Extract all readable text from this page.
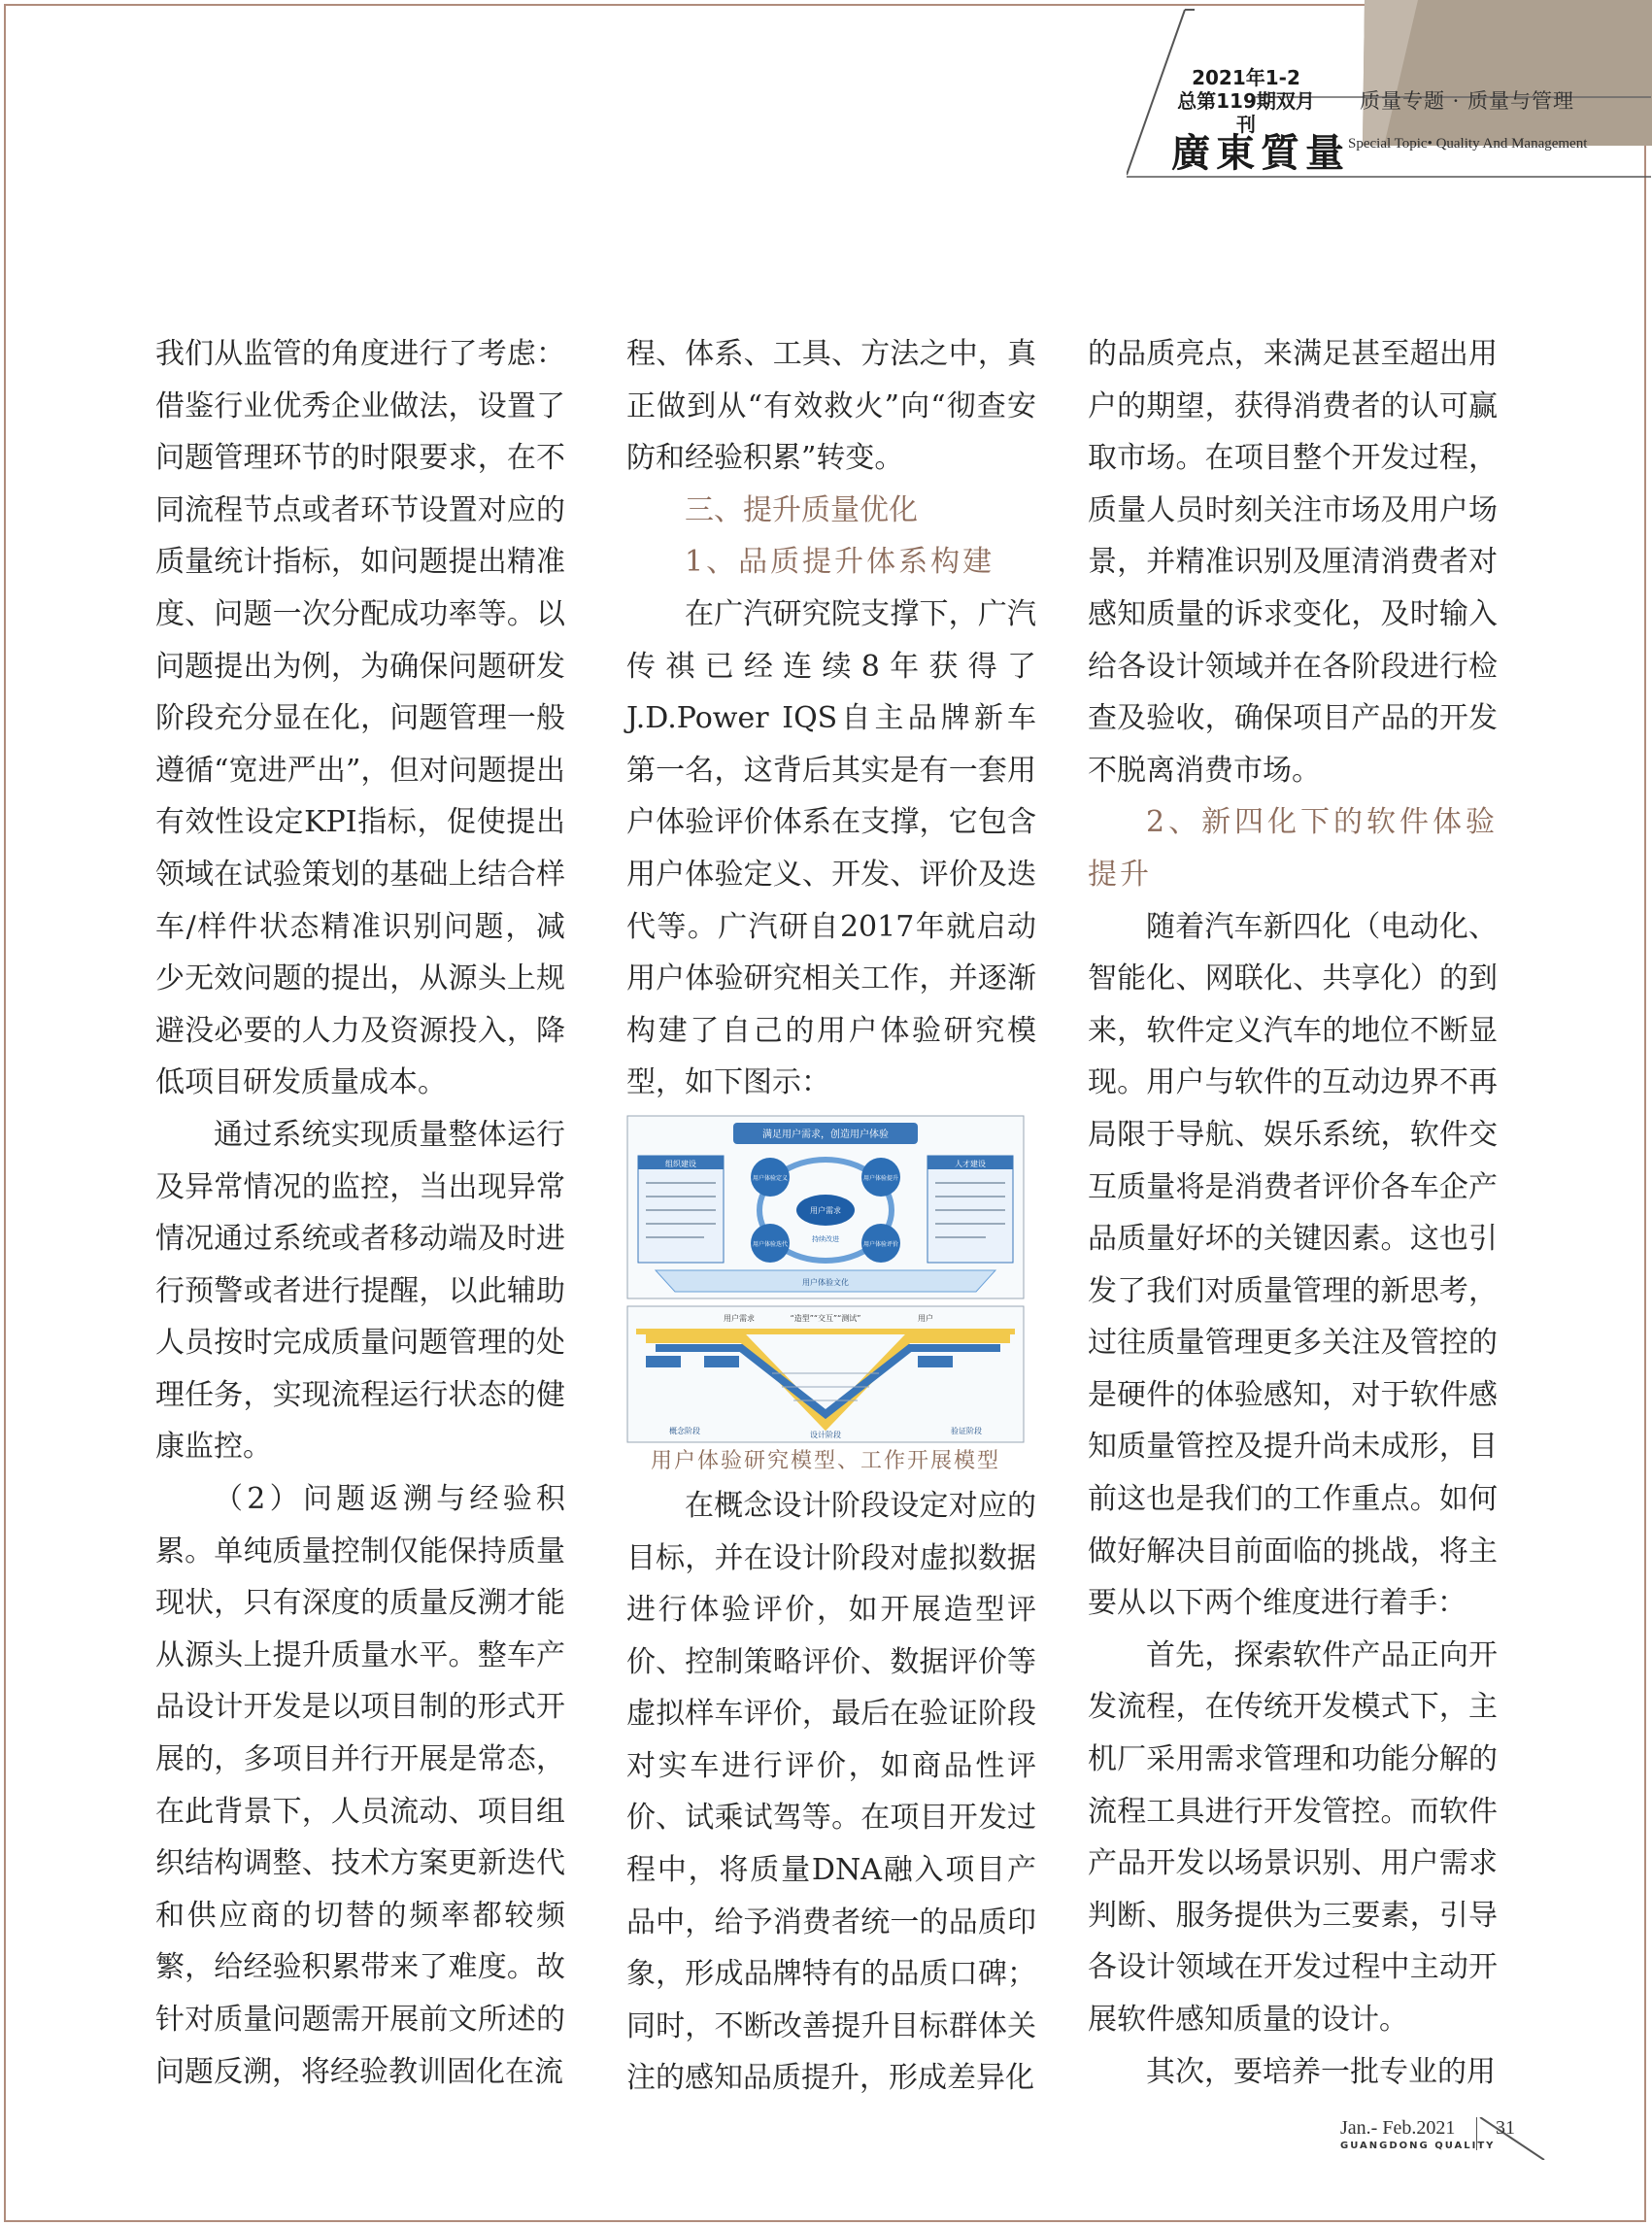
2021年1-2
总第119期双月刊
质量专题 · 质量与管理
廣東質量
Special Topic• Quality And Management

我们从监管的角度进行了考虑：借鉴行业优秀企业做法，设置了问题管理环节的时限要求，在不同流程节点或者环节设置对应的质量统计指标，如问题提出精准度、问题一次分配成功率等。以问题提出为例，为确保问题研发阶段充分显在化，问题管理一般遵循“宽进严出”，但对问题提出有效性设定KPI指标，促使提出领域在试验策划的基础上结合样车/样件状态精准识别问题，减少无效问题的提出，从源头上规避没必要的人力及资源投入，降低项目研发质量成本。

通过系统实现质量整体运行及异常情况的监控，当出现异常情况通过系统或者移动端及时进行预警或者进行提醒，以此辅助人员按时完成质量问题管理的处理任务，实现流程运行状态的健康监控。

（2）问题返溯与经验积累。单纯质量控制仅能保持质量现状，只有深度的质量反溯才能从源头上提升质量水平。整车产品设计开发是以项目制的形式开展的，多项目并行开展是常态，在此背景下，人员流动、项目组织结构调整、技术方案更新迭代和供应商的切替的频率都较频繁，给经验积累带来了难度。故针对质量问题需开展前文所述的问题反溯，将经验教训固化在流

程、体系、工具、方法之中，真正做到从“有效救火”向“彻查安防和经验积累”转变。

三、提升质量优化

1、品质提升体系构建

在广汽研究院支撑下，广汽传祺已经连续8年获得了J.D.Power IQS自主品牌新车第一名，这背后其实是有一套用户体验评价体系在支撑，它包含用户体验定义、开发、评价及迭代等。广汽研自2017年就启动用户体验研究相关工作，并逐渐构建了自己的用户体验研究模型，如下图示：

满足用户需求，创造用户体验
组织建设	人才建设
用户需求
持续改进
用户体验定义	用户体验提升
用户体验迭代	用户体验评价
用户体验文化
用户需求	“造型”“交互”“测试”	用户
概念阶段	设计阶段	验证阶段

用户体验研究模型、工作开展模型

在概念设计阶段设定对应的目标，并在设计阶段对虚拟数据进行体验评价，如开展造型评价、控制策略评价、数据评价等虚拟样车评价，最后在验证阶段对实车进行评价，如商品性评价、试乘试驾等。在项目开发过程中，将质量DNA融入项目产品中，给予消费者统一的品质印象，形成品牌特有的品质口碑；同时，不断改善提升目标群体关注的感知品质提升，形成差异化

的品质亮点，来满足甚至超出用户的期望，获得消费者的认可赢取市场。在项目整个开发过程，质量人员时刻关注市场及用户场景，并精准识别及厘清消费者对感知质量的诉求变化，及时输入给各设计领域并在各阶段进行检查及验收，确保项目产品的开发不脱离消费市场。

2、新四化下的软件体验提升

随着汽车新四化（电动化、智能化、网联化、共享化）的到来，软件定义汽车的地位不断显现。用户与软件的互动边界不再局限于导航、娱乐系统，软件交互质量将是消费者评价各车企产品质量好坏的关键因素。这也引发了我们对质量管理的新思考，过往质量管理更多关注及管控的是硬件的体验感知，对于软件感知质量管控及提升尚未成形，目前这也是我们的工作重点。如何做好解决目前面临的挑战，将主要从以下两个维度进行着手：

首先，探索软件产品正向开发流程，在传统开发模式下，主机厂采用需求管理和功能分解的流程工具进行开发管控。而软件产品开发以场景识别、用户需求判断、服务提供为三要素，引导各设计领域在开发过程中主动开展软件感知质量的设计。

其次，要培养一批专业的用

Jan.- Feb.2021
GUANGDONG QUALITY
31
